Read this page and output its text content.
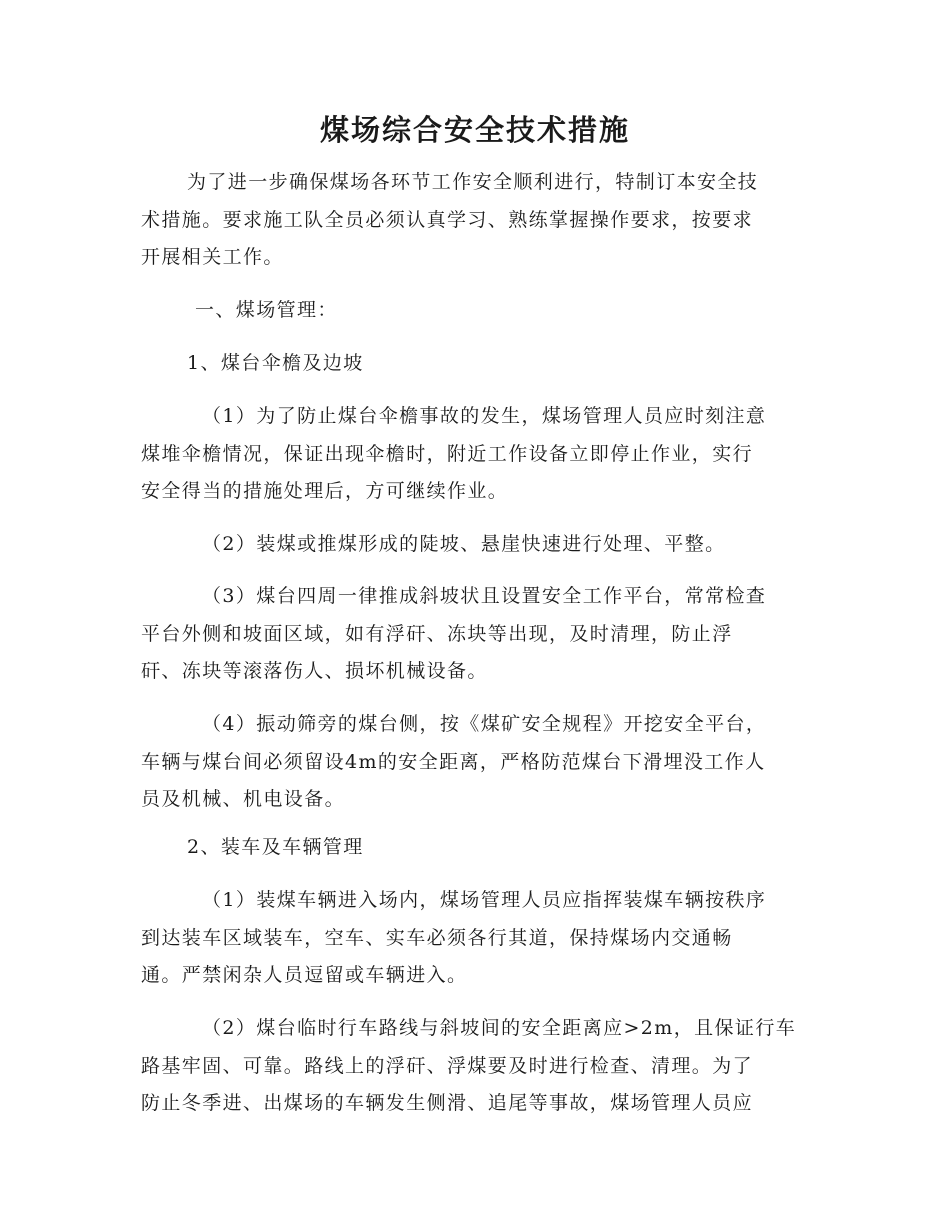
煤场综合安全技术措施
为了进一步确保煤场各环节工作安全顺利进行，特制订本安全技
术措施。要求施工队全员必须认真学习、熟练掌握操作要求，按要求
开展相关工作。
一、煤场管理：
1、煤台伞檐及边坡
（1）为了防止煤台伞檐事故的发生，煤场管理人员应时刻注意
煤堆伞檐情况，保证出现伞檐时，附近工作设备立即停止作业，实行
安全得当的措施处理后，方可继续作业。
（2）装煤或推煤形成的陡坡、悬崖快速进行处理、平整。
（3）煤台四周一律推成斜坡状且设置安全工作平台，常常检查
平台外侧和坡面区域，如有浮矸、冻块等出现，及时清理，防止浮
矸、冻块等滚落伤人、损坏机械设备。
（4）振动筛旁的煤台侧，按《煤矿安全规程》开挖安全平台，
车辆与煤台间必须留设4m的安全距离，严格防范煤台下滑埋没工作人
员及机械、机电设备。
2、装车及车辆管理
（1）装煤车辆进入场内，煤场管理人员应指挥装煤车辆按秩序
到达装车区域装车，空车、实车必须各行其道，保持煤场内交通畅
通。严禁闲杂人员逗留或车辆进入。
（2）煤台临时行车路线与斜坡间的安全距离应>2m，且保证行车
路基牢固、可靠。路线上的浮矸、浮煤要及时进行检查、清理。为了
防止冬季进、出煤场的车辆发生侧滑、追尾等事故，煤场管理人员应
